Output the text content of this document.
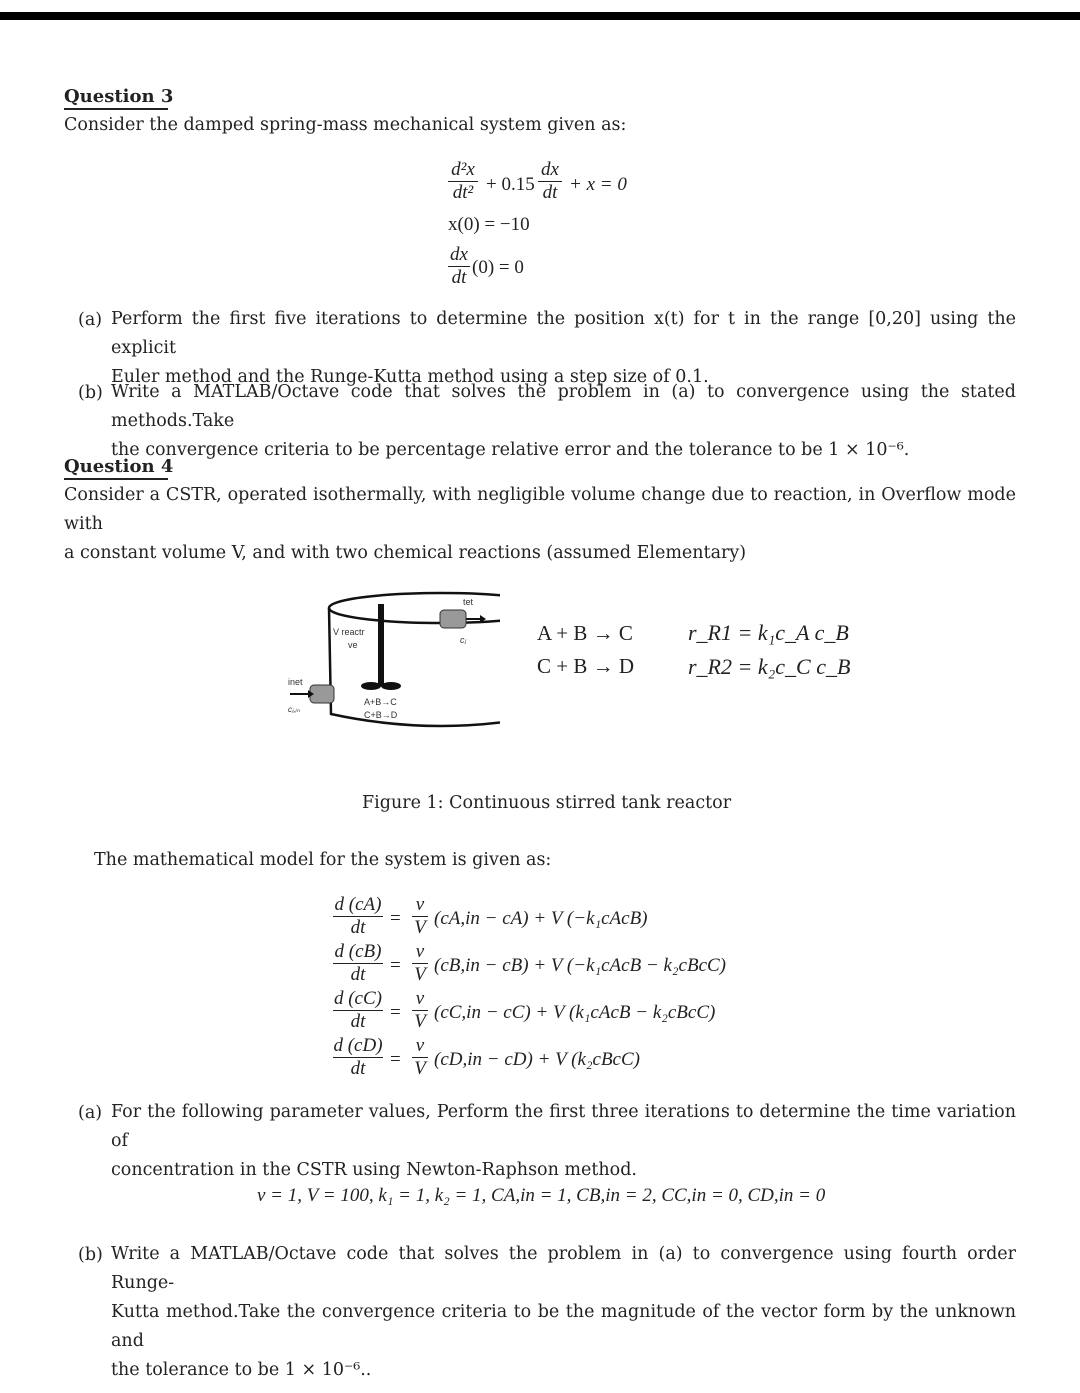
Question 3
Consider the damped spring-mass mechanical system given as:
d²x
dt² + 0.15
dx
dt + x = 0
x(0) = −10
dx
dt (0) = 0
(a) Perform the first five iterations to determine the position x(t) for t in the range [0,20] using the explicit
Euler method and the Runge-Kutta method using a step size of 0.1.
(b) Write a MATLAB/Octave code that solves the problem in (a) to convergence using the stated methods.Take
the convergence criteria to be percentage relative error and the tolerance to be 1 × 10⁻⁶.
Question 4
Consider a CSTR, operated isothermally, with negligible volume change due to reaction, in Overflow mode with
a constant volume V, and with two chemical reactions (assumed Elementary)
tet
cⱼ
inet
cⱼ,ᵢₙ
V reactr
ve
A+B→C
C+B→D
A + B → C
C + B → D
r_R1 = k₁c_A c_B
r_R2 = k₂c_C c_B
Figure 1: Continuous stirred tank reactor
The mathematical model for the system is given as:
d (cA)
dt	=
ν
V (cA,in − cA) + V (−k₁cAcB)
d (cB)
dt	=
ν
V (cB,in − cB) + V (−k₁cAcB − k₂cBcC)
d (cC)
dt	=
ν
V (cC,in − cC) + V (k₁cAcB − k₂cBcC)
d (cD)
dt	=
ν
V (cD,in − cD) + V (k₂cBcC)
(a) For the following parameter values, Perform the first three iterations to determine the time variation of
concentration in the CSTR using Newton-Raphson method.
ν = 1, V = 100, k₁ = 1, k₂ = 1, CA,in = 1, CB,in = 2, CC,in = 0, CD,in = 0
(b) Write a MATLAB/Octave code that solves the problem in (a) to convergence using fourth order Runge-
Kutta method.Take the convergence criteria to be the magnitude of the vector form by the unknown and
the tolerance to be 1 × 10⁻⁶..
